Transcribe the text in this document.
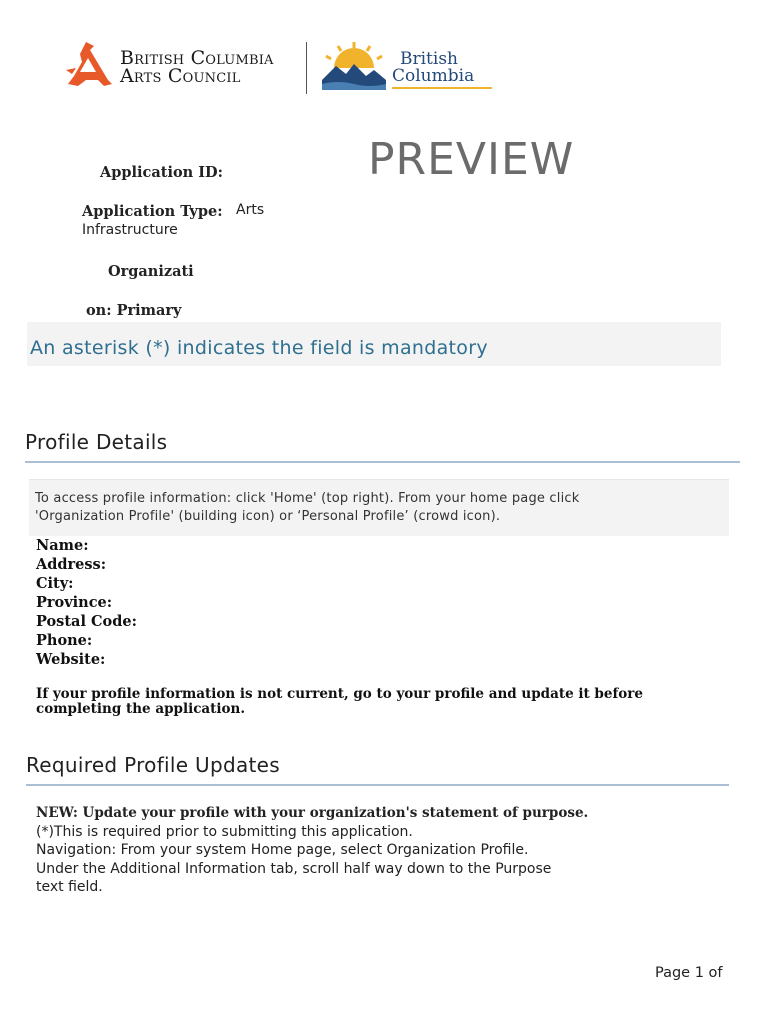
British Columbia
Arts Council
British
Columbia
PREVIEW
Application ID:
Application Type: Arts
Infrastructure
Organizati
on: Primary
An asterisk (*) indicates the field is mandatory
Profile Details
To access profile information: click 'Home' (top right). From your home page click
'Organization Profile' (building icon) or ‘Personal Profile’ (crowd icon).
Name:
Address:
City:
Province:
Postal Code:
Phone:
Website:
If your profile information is not current, go to your profile and update it before
completing the application.
Required Profile Updates
NEW: Update your profile with your organization's statement of purpose.
(*)This is required prior to submitting this application.
Navigation: From your system Home page, select Organization Profile.
Under the Additional Information tab, scroll half way down to the Purpose
text field.
Page 1 of
